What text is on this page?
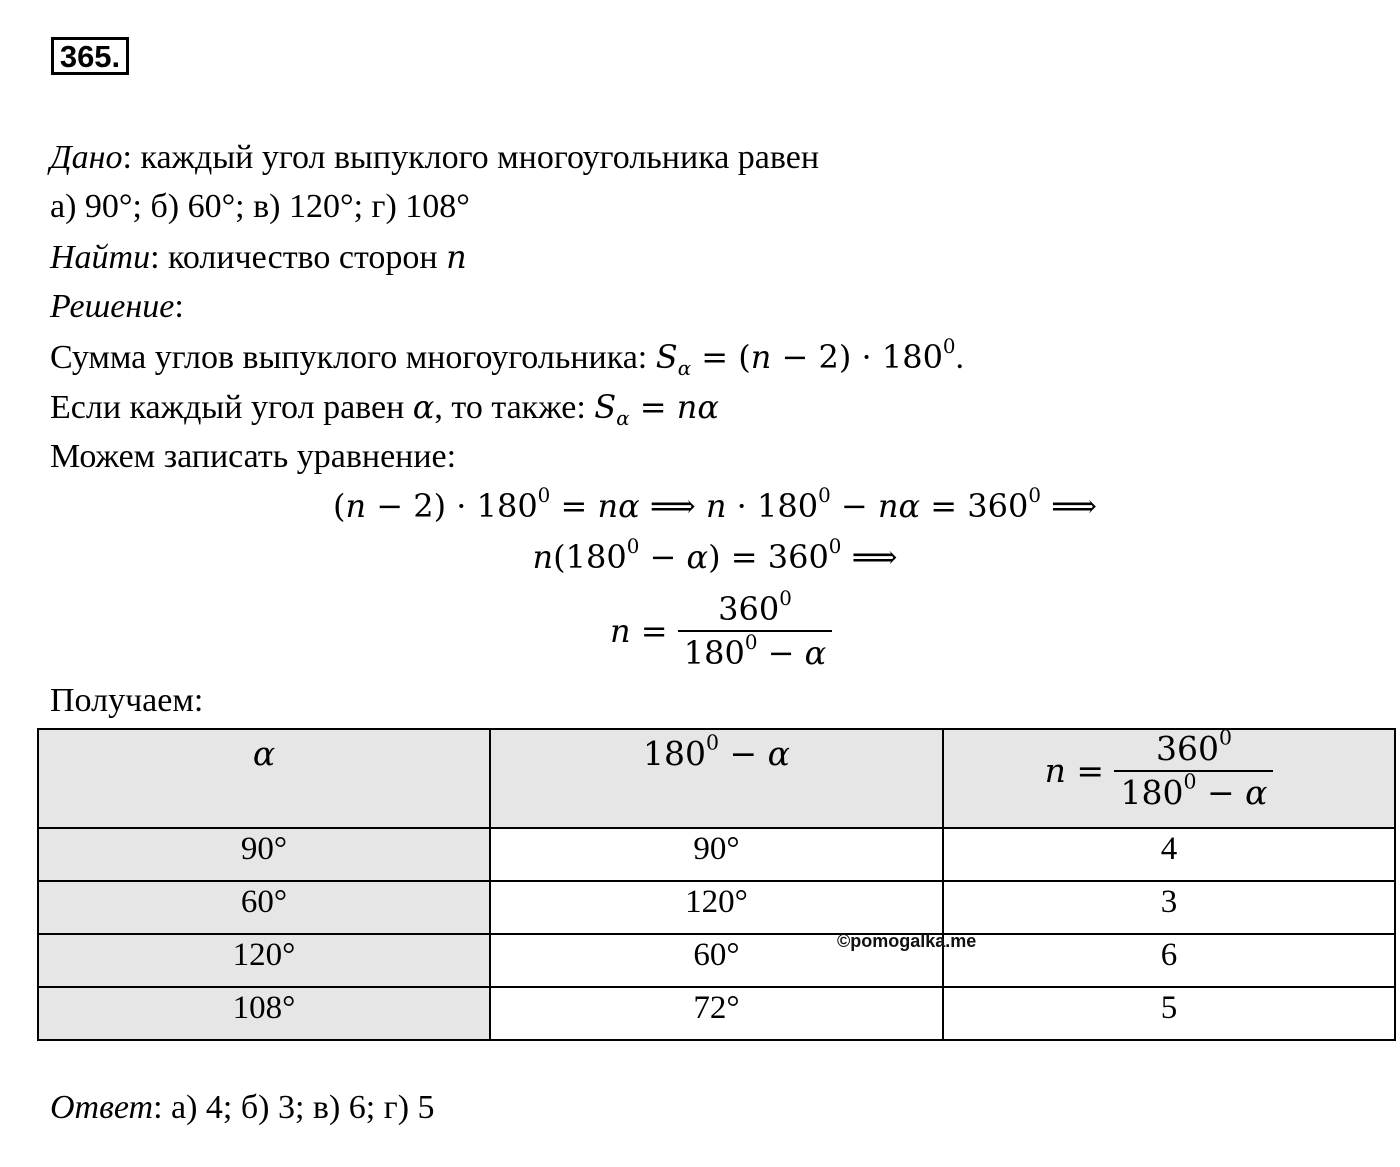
365.
Дано: каждый угол выпуклого многоугольника равен
а) 90°; б) 60°; в) 120°; г) 108°
Найти: количество сторон n
Решение:
Сумма углов выпуклого многоугольника: $S_\alpha = (n - 2) \cdot 180^0$.
Если каждый угол равен α, то также: $S_\alpha = n\alpha$
Можем записать уравнение:
$(n - 2) \cdot 180^0 = n\alpha$ ⟹ $n \cdot 180^0 - n\alpha = 360^0$ ⟹
$n(180^0 - \alpha) = 360^0$ ⟹
$n = \frac{360^0}{180^0 - \alpha}$
Получаем:
α	$180^0 - \alpha$	$n = \frac{360^0}{180^0 - \alpha}$

90°	90°	4
60°	120°	3
120°	60°	6
108°	72°	5
©pomogalka.me
Ответ: а) 4; б) 3; в) 6; г) 5
